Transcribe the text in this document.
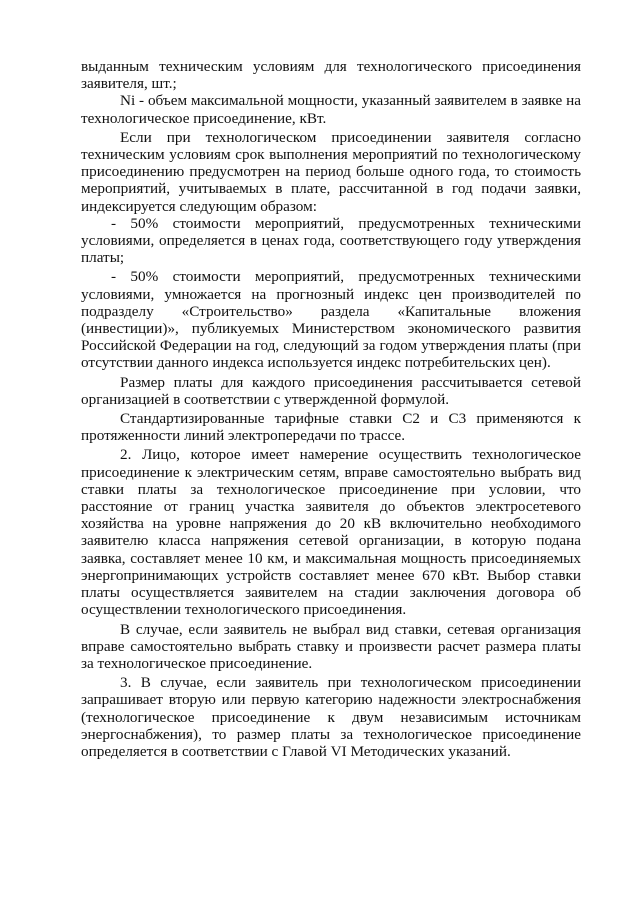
выданным техническим условиям для технологического присоединения заявителя, шт.;

Ni - объем максимальной мощности, указанный заявителем в заявке на технологическое присоединение, кВт.

Если при технологическом присоединении заявителя согласно техническим условиям срок выполнения мероприятий по технологическому присоединению предусмотрен на период больше одного года, то стоимость мероприятий, учитываемых в плате, рассчитанной в год подачи заявки, индексируется следующим образом:

- 50% стоимости мероприятий, предусмотренных техническими условиями, определяется в ценах года, соответствующего году утверждения платы;

- 50% стоимости мероприятий, предусмотренных техническими условиями, умножается на прогнозный индекс цен производителей по подразделу «Строительство» раздела «Капитальные вложения (инвестиции)», публикуемых Министерством экономического развития Российской Федерации на год, следующий за годом утверждения платы (при отсутствии данного индекса используется индекс потребительских цен).

Размер платы для каждого присоединения рассчитывается сетевой организацией в соответствии с утвержденной формулой.

Стандартизированные тарифные ставки С2 и С3 применяются к протяженности линий электропередачи по трассе.

2. Лицо, которое имеет намерение осуществить технологическое присоединение к электрическим сетям, вправе самостоятельно выбрать вид ставки платы за технологическое присоединение при условии, что расстояние от границ участка заявителя до объектов электросетевого хозяйства на уровне напряжения до 20 кВ включительно необходимого заявителю класса напряжения сетевой организации, в которую подана заявка, составляет менее 10 км, и максимальная мощность присоединяемых энергопринимающих устройств составляет менее 670 кВт. Выбор ставки платы осуществляется заявителем на стадии заключения договора об осуществлении технологического присоединения.

В случае, если заявитель не выбрал вид ставки, сетевая организация вправе самостоятельно выбрать ставку и произвести расчет размера платы за технологическое присоединение.

3. В случае, если заявитель при технологическом присоединении запрашивает вторую или первую категорию надежности электроснабжения (технологическое присоединение к двум независимым источникам энергоснабжения), то размер платы за технологическое присоединение определяется в соответствии с Главой VI Методических указаний.
